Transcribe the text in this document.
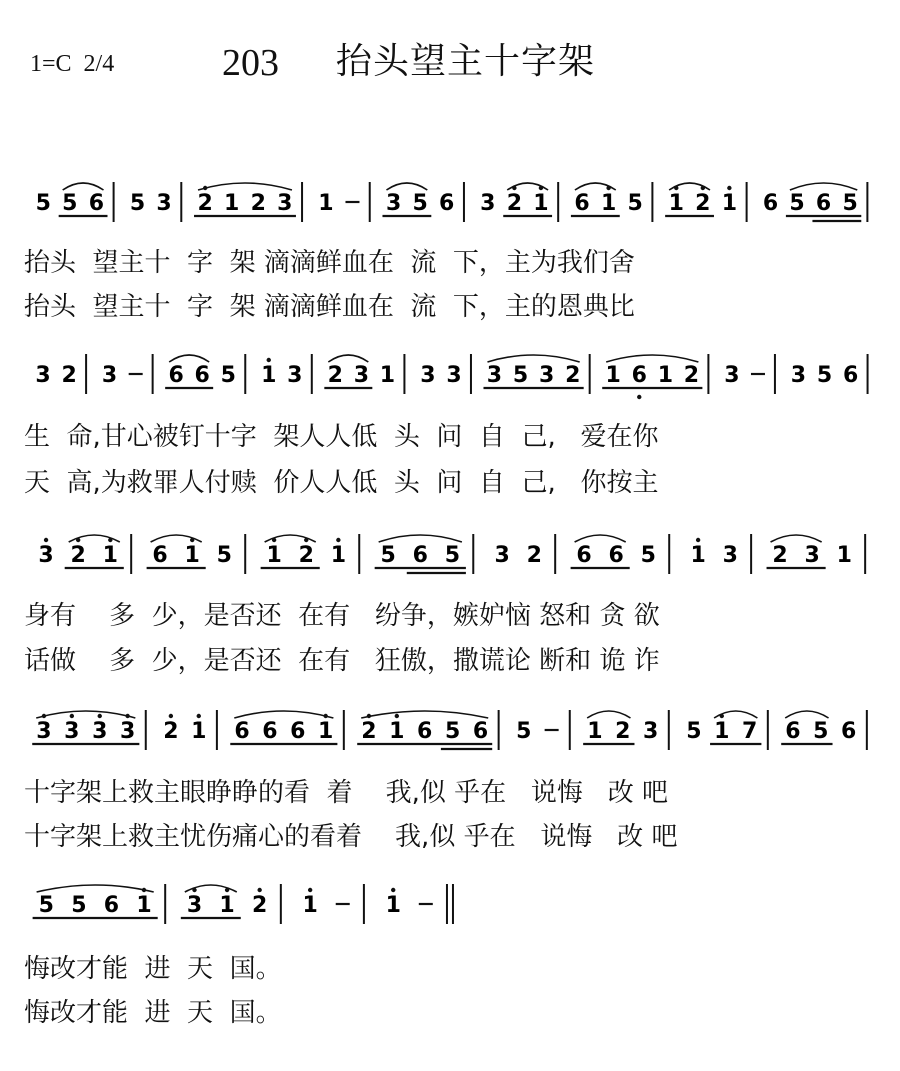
1=C  2/4	203 抬头望主十字架
5 5 6 5 3 2 1 2 3 1 3 5 6 3 2 1 6 1 5 1 2 1 6 5 6 5
抬头  望主十  字  架 滴滴鲜血在  流  下，主为我们舍
抬头  望主十  字  架 滴滴鲜血在  流  下，主的恩典比
3 2 3 6 6 5 1 3 2 3 1 3 3 3 5 3 2 1 6 1 2 3 3 5 6
生  命,甘心被钉十字  架人人低  头  问  自  己,   爱在你
天  高,为救罪人付赎  价人人低  头  问  自  己,   你按主
3 2 1 6 1 5 1 2 1 5 6 5 3 2 6 6 5 1 3 2 3 1
身有    多  少，是否还  在有   纷争，嫉妒恼 怒和 贪 欲
话做    多  少，是否还  在有   狂傲，撒谎论 断和 诡 诈
3 3 3 3 2 1 6 6 6 1 2 1 6 5 6 5	1 2 3 5 1 7 6 5 6
十字架上救主眼睁睁的看  着    我,似 乎在   说悔   改 吧
十字架上救主忧伤痛心的看着    我,似 乎在   说悔   改 吧
5 5 6 1 3 1 2 1	1
悔改才能  进  天  国。
悔改才能  进  天  国。
